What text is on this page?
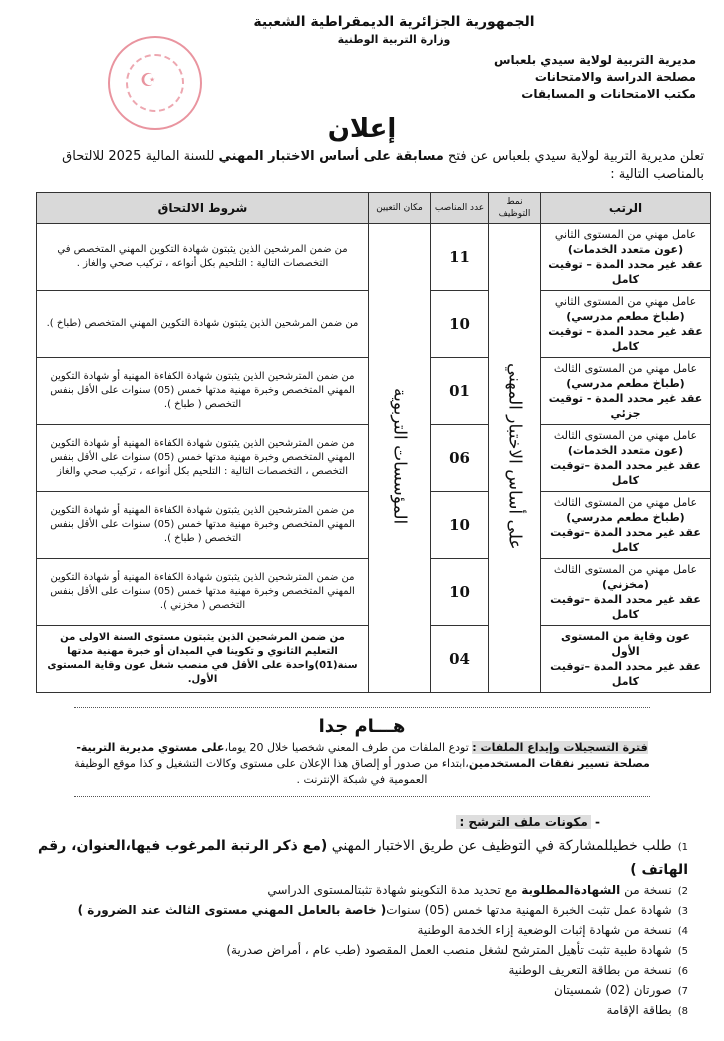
الجمهورية الجزائرية الديمقراطية الشعبية
وزارة التربية الوطنية
☪
مديرية التربية لولاية سيدي بلعباس
مصلحة الدراسة والامتحانات
مكتب الامتحانات و المسابقات
إعلان
تعلن مديرية التربية لولاية سيدي بلعباس عن فتح مسابقة على أساس الاختبار المهني للسنة المالية 2025 للالتحاق بالمناصب التالية :
الرتب	نمط التوظيف	عدد المناصب	مكان التعيين	شروط الالتحاق

عامل مهني من المستوى الثاني
(عون متعدد الخدمات)
عقد غير محدد المدة – توقيت كامل	على أساس الاختبار المهني	11	المؤسسات التربوية	من ضمن المرشحين الذين يثبتون شهادة التكوين المهني المتخصص في التخصصات التالية : التلحيم بكل أنواعه ، تركيب صحي والغاز .

عامل مهني من المستوى الثاني
(طباخ مطعم مدرسي)
عقد غير محدد المدة – توقيت كامل		10		من ضمن المرشحين الذين يثبتون شهادة التكوين المهني المتخصص (طباخ ).

عامل مهني من المستوى الثالث
(طباخ مطعم مدرسي)
عقد غير محدد المدة - توقيت جزئي		01		من ضمن المترشحين الذين يثبتون شهادة الكفاءة المهنية أو شهادة التكوين المهني المتخصص وخبرة مهنية مدتها خمس (05) سنوات على الأقل بنفس التخصص ( طباخ ).

عامل مهني من المستوى الثالث
(عون متعدد الخدمات)
عقد غير محدد المدة –توقيت كامل		06		من ضمن المترشحين الذين يثبتون شهادة الكفاءة المهنية أو شهادة التكوين المهني المتخصص وخبرة مهنية مدتها خمس (05) سنوات على الأقل بنفس التخصص ، التخصصات التالية : التلحيم بكل أنواعه ، تركيب صحي والغاز

عامل مهني من المستوى الثالث
(طباخ مطعم مدرسي)
عقد غير محدد المدة –توقيت كامل		10		من ضمن المترشحين الذين يثبتون شهادة الكفاءة المهنية أو شهادة التكوين المهني المتخصص وخبرة مهنية مدتها خمس (05) سنوات على الأقل بنفس التخصص ( طباخ ).

عامل مهني من المستوى الثالث
(مخزني)
عقد غير محدد المدة –توقيت كامل		10		من ضمن المترشحين الذين يثبتون شهادة الكفاءة المهنية أو شهادة التكوين المهني المتخصص وخبرة مهنية مدتها خمس (05) سنوات على الأقل بنفس التخصص ( مخزني ).

عون وقاية من المستوى الأول
عقد غير محدد المدة –توقيت كامل		04		من ضمن المرشحين الذين يثبتون مستوى السنة الاولى من التعليم الثانوي و تكوينا في الميدان أو خبرة مهنية مدتها سنة(01)واحدة على الأقل في منصب شغل عون وقاية المستوى الأول.
هـــام جدا
فترة التسجيلات وإيداع الملفات : تودع الملفات من طرف المعني شخصيا خلال 20 يوما،على مستوي مديرية التربية-مصلحة تسيير نفقات المستخدمين،ابتداء من صدور أو إلصاق هذا الإعلان على مستوى وكالات التشغيل و كذا موقع الوظيفة العمومية في شبكة الإنترنت .
- مكونات ملف الترشح :
1)طلب خطيللمشاركة في التوظيف عن طريق الاختبار المهني (مع ذكر الرتبة المرغوب فيها،العنوان، رقم الهاتف )
2)نسخة من الشهادةالمطلوبة مع تحديد مدة التكوينو شهادة تثبتالمستوى الدراسي
3)شهادة عمل تثبت الخبرة المهنية مدتها خمس (05) سنوات( خاصة بالعامل المهني مستوى الثالث عند الضرورة )
4)نسخة من شهادة إثبات الوضعية إزاء الخدمة الوطنية
5)شهادة طبية تثبت تأهيل المترشح لشغل منصب العمل المقصود (طب عام ، أمراض صدرية)
6)نسخة من بطاقة التعريف الوطنية
7)صورتان (02) شمسيتان
8)بطاقة الإقامة
